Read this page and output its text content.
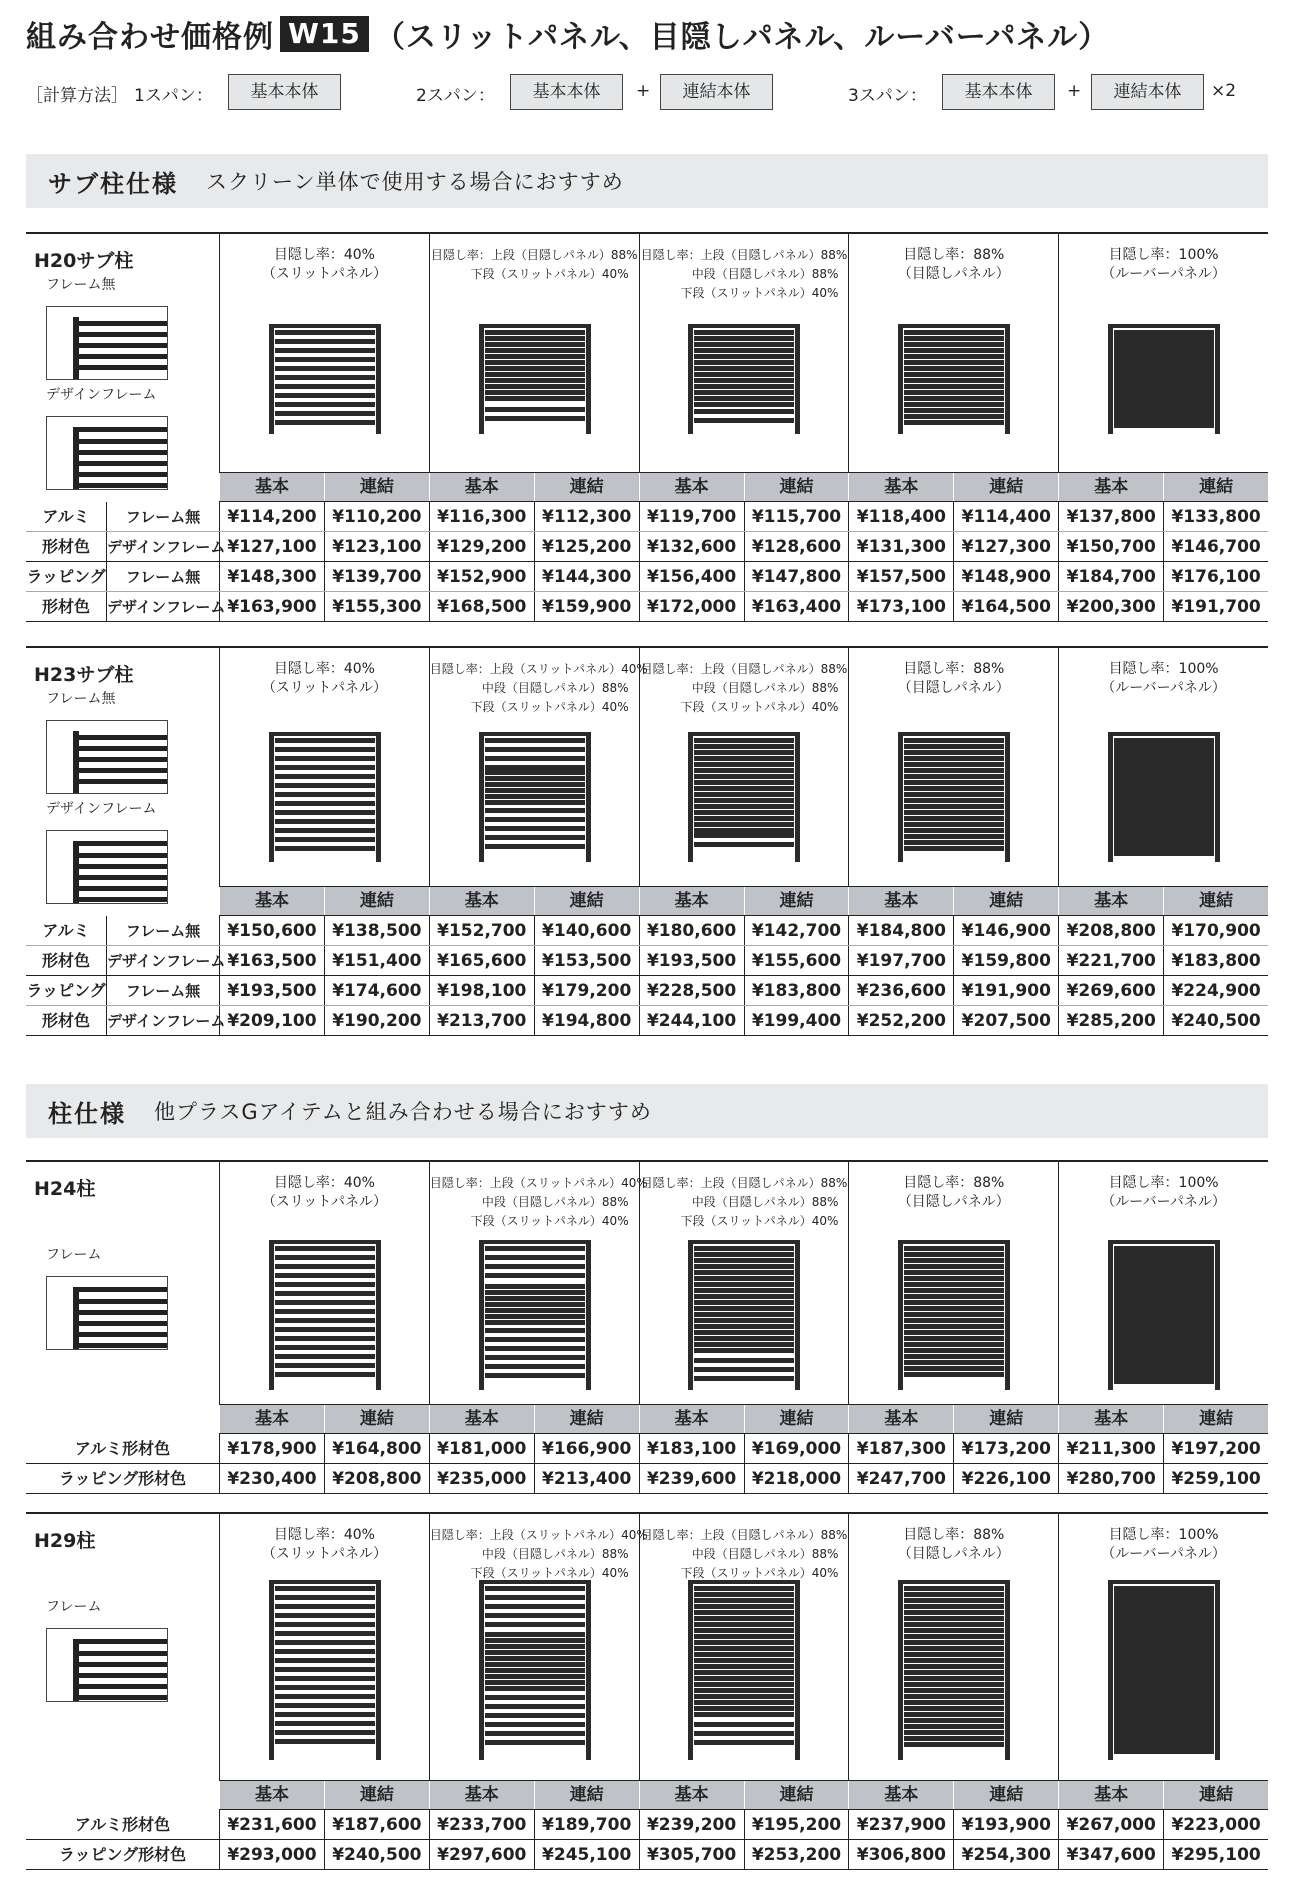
組み合わせ価格例 W15 （スリットパネル、目隠しパネル、ルーバーパネル）
［計算方法］ 1スパン：	基本本体	2スパン：	基本本体	+	連結本体	3スパン：	基本本体	+	連結本体	×2
サブ柱仕様 スクリーン単体で使用する場合におすすめ
柱仕様 他プラスGアイテムと組み合わせる場合におすすめ
H20サブ柱
フレーム無
デザインフレーム
目隠し率：40%
（スリットパネル）
目隠し率：上段（目隠しパネル）88%
下段（スリットパネル）40%
目隠し率：上段（目隠しパネル）88%
中段（目隠しパネル）88%
下段（スリットパネル）40%
目隠し率：88%
（目隠しパネル）
目隠し率：100%
（ルーバーパネル）
基本	連結	基本	連結	基本	連結	基本	連結	基本	連結
アルミ	フレーム無	¥114,200 ¥110,200 ¥116,300 ¥112,300 ¥119,700 ¥115,700 ¥118,400 ¥114,400 ¥137,800 ¥133,800
形材色	デザインフレーム ¥127,100 ¥123,100 ¥129,200 ¥125,200 ¥132,600 ¥128,600 ¥131,300 ¥127,300 ¥150,700 ¥146,700
ラッピング	フレーム無	¥148,300 ¥139,700 ¥152,900 ¥144,300 ¥156,400 ¥147,800 ¥157,500 ¥148,900 ¥184,700 ¥176,100
形材色	デザインフレーム ¥163,900 ¥155,300 ¥168,500 ¥159,900 ¥172,000 ¥163,400 ¥173,100 ¥164,500 ¥200,300 ¥191,700
H23サブ柱
フレーム無
デザインフレーム
目隠し率：40%
（スリットパネル）
目隠し率：上段（スリットパネル）40%
中段（目隠しパネル）88%
下段（スリットパネル）40%
目隠し率：上段（目隠しパネル）88%
中段（目隠しパネル）88%
下段（スリットパネル）40%
目隠し率：88%
（目隠しパネル）
目隠し率：100%
（ルーバーパネル）
基本	連結	基本	連結	基本	連結	基本	連結	基本	連結
アルミ	フレーム無	¥150,600 ¥138,500 ¥152,700 ¥140,600 ¥180,600 ¥142,700 ¥184,800 ¥146,900 ¥208,800 ¥170,900
形材色	デザインフレーム ¥163,500 ¥151,400 ¥165,600 ¥153,500 ¥193,500 ¥155,600 ¥197,700 ¥159,800 ¥221,700 ¥183,800
ラッピング	フレーム無	¥193,500 ¥174,600 ¥198,100 ¥179,200 ¥228,500 ¥183,800 ¥236,600 ¥191,900 ¥269,600 ¥224,900
形材色	デザインフレーム ¥209,100 ¥190,200 ¥213,700 ¥194,800 ¥244,100 ¥199,400 ¥252,200 ¥207,500 ¥285,200 ¥240,500
H24柱
フレーム
目隠し率：40%
（スリットパネル）
目隠し率：上段（スリットパネル）40%
中段（目隠しパネル）88%
下段（スリットパネル）40%
目隠し率：上段（目隠しパネル）88%
中段（目隠しパネル）88%
下段（スリットパネル）40%
目隠し率：88%
（目隠しパネル）
目隠し率：100%
（ルーバーパネル）
基本	連結	基本	連結	基本	連結	基本	連結	基本	連結
アルミ形材色	¥178,900 ¥164,800 ¥181,000 ¥166,900 ¥183,100 ¥169,000 ¥187,300 ¥173,200 ¥211,300 ¥197,200
ラッピング形材色	¥230,400 ¥208,800 ¥235,000 ¥213,400 ¥239,600 ¥218,000 ¥247,700 ¥226,100 ¥280,700 ¥259,100
H29柱
フレーム
目隠し率：40%
（スリットパネル）
目隠し率：上段（スリットパネル）40%
中段（目隠しパネル）88%
下段（スリットパネル）40%
目隠し率：上段（目隠しパネル）88%
中段（目隠しパネル）88%
下段（スリットパネル）40%
目隠し率：88%
（目隠しパネル）
目隠し率：100%
（ルーバーパネル）
基本	連結	基本	連結	基本	連結	基本	連結	基本	連結
アルミ形材色	¥231,600 ¥187,600 ¥233,700 ¥189,700 ¥239,200 ¥195,200 ¥237,900 ¥193,900 ¥267,000 ¥223,000
ラッピング形材色	¥293,000 ¥240,500 ¥297,600 ¥245,100 ¥305,700 ¥253,200 ¥306,800 ¥254,300 ¥347,600 ¥295,100
